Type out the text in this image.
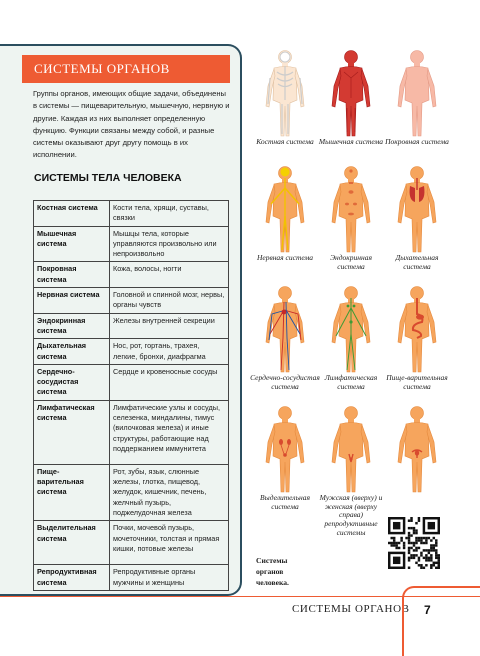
СИСТЕМЫ ОРГАНОВ
Группы органов, имеющих общие задачи, объединены в системы — пищеварительную, мышечную, нервную и другие. Каждая из них выполняет определенную функцию. Функции связаны между собой, и разные системы оказывают друг другу помощь в их исполнении.
СИСТЕМЫ ТЕЛА ЧЕЛОВЕКА
Костная система	Кости тела, хрящи, суставы, связки
Мышечная система	Мышцы тела, которые управляются произвольно или непроизвольно
Покровная система	Кожа, волосы, ногти
Нервная система	Головной и спинной мозг, нервы, органы чувств
Эндокринная система	Железы внутренней секреции
Дыхательная система	Нос, рот, гортань, трахея, легкие, бронхи, диафрагма
Сердечно-сосудистая система	Сердце и кровеносные сосуды
Лимфатическая система	Лимфатические узлы и сосуды, селезенка, миндалины, тимус (вилочковая железа) и иные структуры, работающие над поддержанием иммунитета
Пище-варительная система	Рот, зубы, язык, слюнные железы, глотка, пищевод, желудок, кишечник, печень, желчный пузырь, поджелудочная железа
Выделительная система	Почки, мочевой пузырь, мочеточники, толстая и прямая кишки, потовые железы
Репродуктивная система	Репродуктивные органы мужчины и женщины
Костная система Мышечная система Покровная система
Нервная система	Эндокринная система
Дыхательная система
Сердечно-сосудистая система
Лимфатическая система
Пище-варительная система
Выделительная система
Мужская (вверху) и женская (вверху справа) репродуктивные системы
Системы органов человека.
СИСТЕМЫ ОРГАНОВ 7
